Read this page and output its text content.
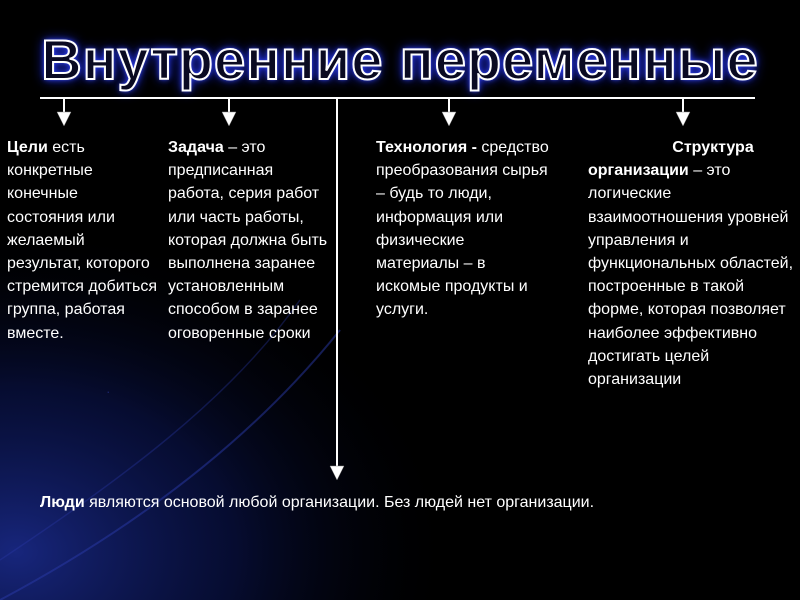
Внутренние переменные
Цели есть конкретные конечные состояния или желаемый результат, которого стремится добиться группа, работая вместе.
Задача – это предписанная работа, серия работ или часть работы, которая должна быть выполнена заранее установленным способом в заранее оговоренные сроки
Технология - средство преобразования сырья – будь то люди, информация или физические материалы – в искомые продукты и услуги.
Структура
организации – это логические взаимоотношения уровней управления и функциональных областей, построенные в такой форме, которая позволяет наиболее эффективно достигать целей организации
Люди являются основой любой организации. Без людей нет организации.
